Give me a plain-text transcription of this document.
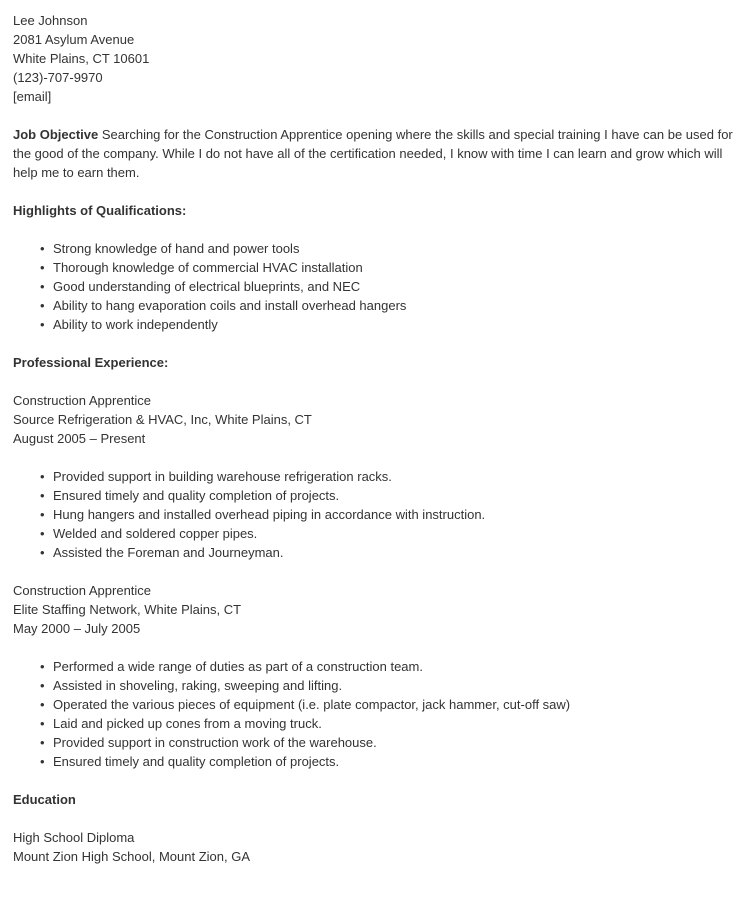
Lee Johnson

2081 Asylum Avenue

White Plains, CT 10601

(123)-707-9970

[email]

Job Objective Searching for the Construction Apprentice opening where the skills and special training I have can be used for the good of the company. While I do not have all of the certification needed, I know with time I can learn and grow which will help me to earn them.

Highlights of Qualifications:

• Strong knowledge of hand and power tools
• Thorough knowledge of commercial HVAC installation
• Good understanding of electrical blueprints, and NEC
• Ability to hang evaporation coils and install overhead hangers
• Ability to work independently

Professional Experience:

Construction Apprentice

Source Refrigeration & HVAC, Inc, White Plains, CT

August 2005 – Present

• Provided support in building warehouse refrigeration racks.
• Ensured timely and quality completion of projects.
• Hung hangers and installed overhead piping in accordance with instruction.
• Welded and soldered copper pipes.
• Assisted the Foreman and Journeyman.

Construction Apprentice

Elite Staffing Network, White Plains, CT

May 2000 – July 2005

• Performed a wide range of duties as part of a construction team.
• Assisted in shoveling, raking, sweeping and lifting.
• Operated the various pieces of equipment (i.e. plate compactor, jack hammer, cut-off saw)
• Laid and picked up cones from a moving truck.
• Provided support in construction work of the warehouse.
• Ensured timely and quality completion of projects.

Education

High School Diploma

Mount Zion High School, Mount Zion, GA
